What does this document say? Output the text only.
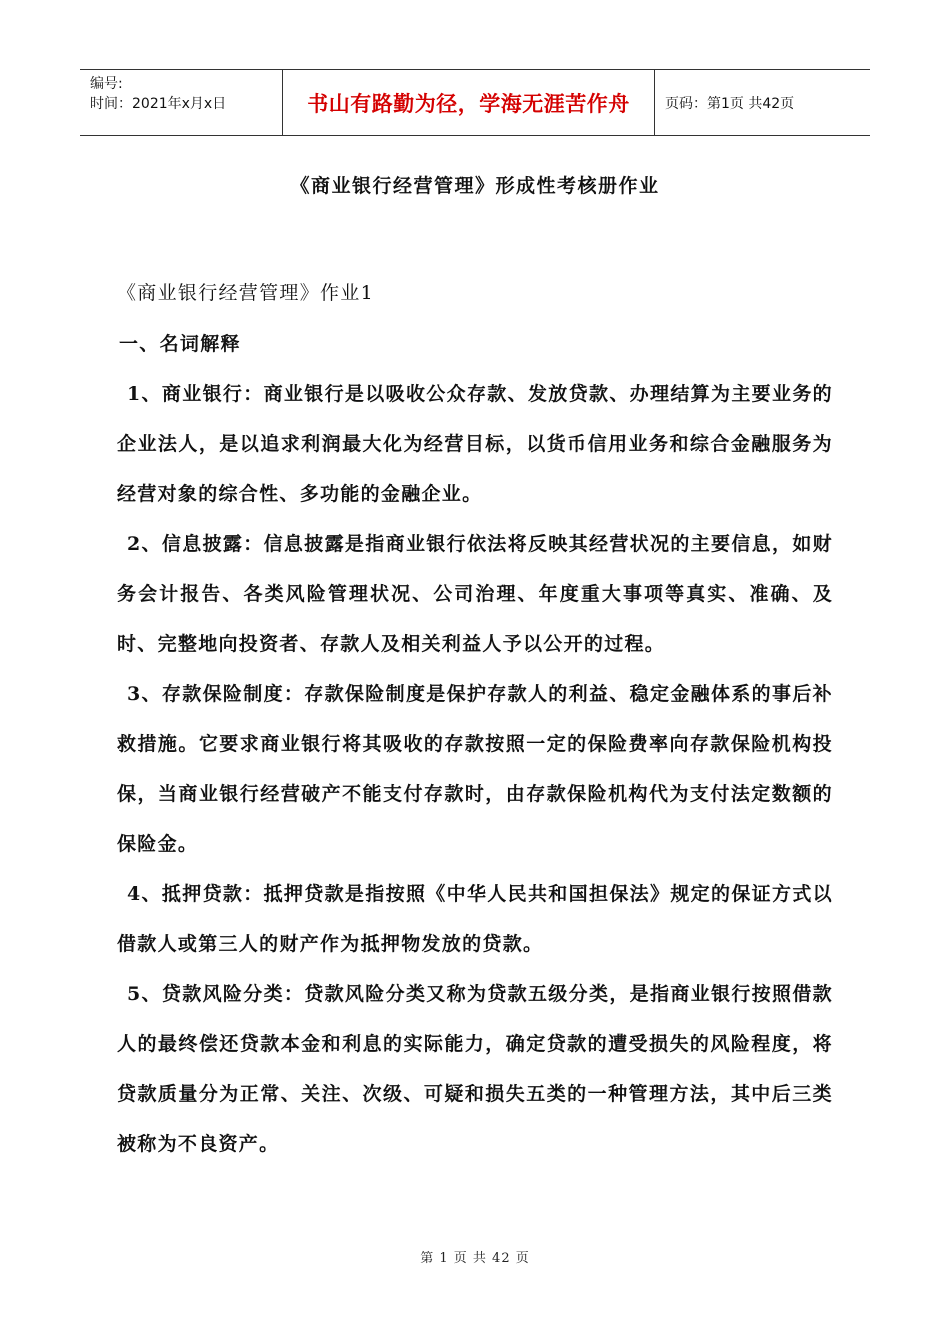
编号:
时间：2021年x月x日	书山有路勤为径，学海无涯苦作舟	页码：第1页 共42页
《商业银行经营管理》形成性考核册作业

《商业银行经营管理》作业1

一、名词解释

1、商业银行：商业银行是以吸收公众存款、发放贷款、办理结算为主要业务的企业法人，是以追求利润最大化为经营目标，以货币信用业务和综合金融服务为经营对象的综合性、多功能的金融企业。

2、信息披露：信息披露是指商业银行依法将反映其经营状况的主要信息，如财务会计报告、各类风险管理状况、公司治理、年度重大事项等真实、准确、及时、完整地向投资者、存款人及相关利益人予以公开的过程。

3、存款保险制度：存款保险制度是保护存款人的利益、稳定金融体系的事后补救措施。它要求商业银行将其吸收的存款按照一定的保险费率向存款保险机构投保，当商业银行经营破产不能支付存款时，由存款保险机构代为支付法定数额的保险金。

4、抵押贷款：抵押贷款是指按照《中华人民共和国担保法》规定的保证方式以借款人或第三人的财产作为抵押物发放的贷款。

5、贷款风险分类：贷款风险分类又称为贷款五级分类，是指商业银行按照借款人的最终偿还贷款本金和利息的实际能力，确定贷款的遭受损失的风险程度，将贷款质量分为正常、关注、次级、可疑和损失五类的一种管理方法，其中后三类被称为不良资产。

第 1 页 共 42 页
